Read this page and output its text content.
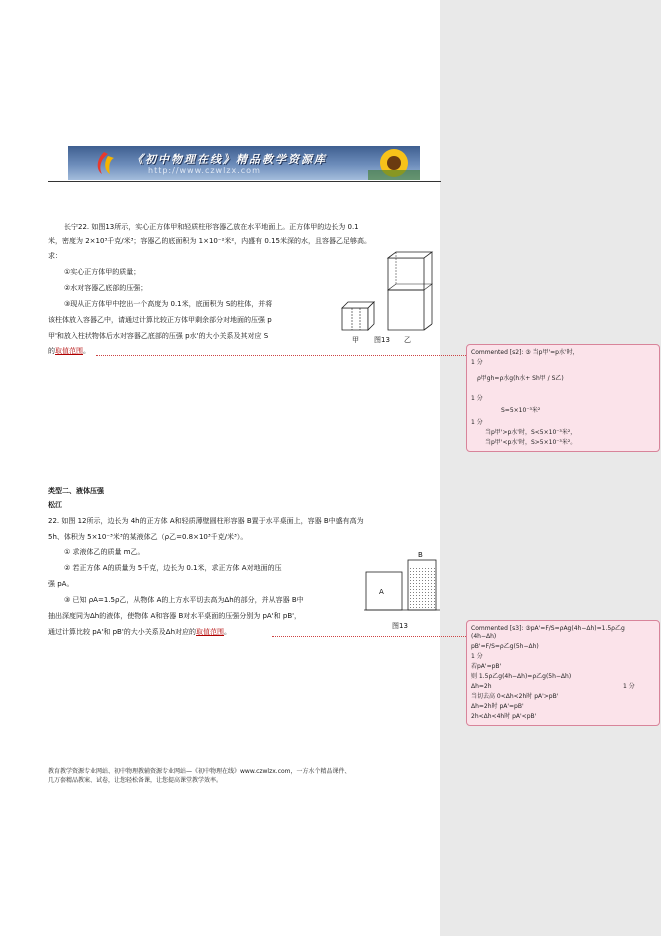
《初中物理在线》精品教学资源库
http://www.czwlzx.com
长宁22. 如图13所示，实心正方体甲和轻质柱形容器乙放在水平地面上。正方体甲的边长为 0.1
米，密度为 2×10³千克/米³；容器乙的底面积为 1×10⁻²米²，内盛有 0.15米深的水，且容器乙足够高。
求：
①实心正方体甲的质量；
②水对容器乙底部的压强；
③现从正方体甲中挖出一个高度为 0.1米，底面积为 S的柱体，并将
该柱体放入容器乙中，请通过计算比较正方体甲剩余部分对地面的压强 p
甲'和放入柱状物体后水对容器乙底部的压强 p水'的大小关系及其对应 S
的取值范围。
甲 图13 乙
Commented [s2]: ③ 当p甲'=p水'时，
1 分
ρ甲gh=ρ水g(h水+ Sh甲 / S乙)
1 分
S=5×10⁻³米²
1 分
当p甲'>p水'时，S<5×10⁻³米²，
当p甲'<p水'时，S>5×10⁻³米²。
类型二、液体压强
松江
22. 如图 12所示，边长为 4h的正方体 A和轻质薄壁圆柱形容器 B置于水平桌面上，容器 B中盛有高为
5h、体积为 5×10⁻³米³的某液体乙（ρ乙=0.8×10³千克/米³）。
① 求液体乙的质量 m乙。
② 若正方体 A的质量为 5千克，边长为 0.1米，求正方体 A对地面的压
强 pA。
③ 已知 ρA=1.5ρ乙，从物体 A的上方水平切去高为Δh的部分，并从容器 B中
抽出深度同为Δh的液体，使物体 A和容器 B对水平桌面的压强分别为 pA'和 pB'，
通过计算比较 pA'和 pB'的大小关系及Δh对应的取值范围。
A
B
图13	Commented [s3]: ③pA'=F/S=ρAg(4h−Δh)=1.5ρ乙g
(4h−Δh)
pB'=F/S=ρ乙g(5h−Δh)
1 分
若pA'=pB'
则 1.5ρ乙g(4h−Δh)=ρ乙g(5h−Δh)
Δh=2h	1 分
当切去高 0<Δh<2h时 pA'>pB'
Δh=2h时 pA'=pB'
2h<Δh<4h时 pA'<pB'
教育教学资源专业网站、初中物理教辅资源专业网站—《初中物理在线》www.czwlzx.com，一方水个精品课件、
几万套精品教案、试卷，让您轻松备课，让您提高课堂教学效率。
